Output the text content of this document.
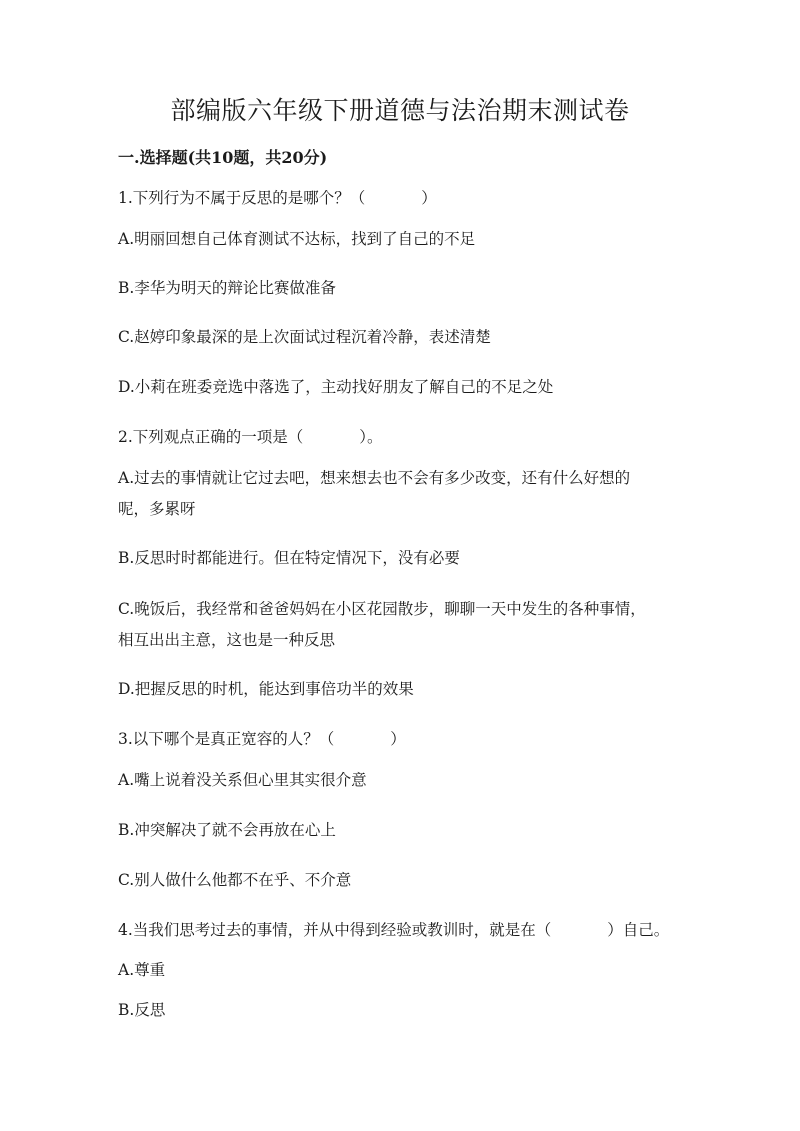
部编版六年级下册道德与法治期末测试卷
一.选择题(共10题，共20分)

1.下列行为不属于反思的是哪个？（	）

A.明丽回想自己体育测试不达标，找到了自己的不足

B.李华为明天的辩论比赛做准备

C.赵婷印象最深的是上次面试过程沉着冷静，表述清楚

D.小莉在班委竞选中落选了，主动找好朋友了解自己的不足之处

2.下列观点正确的一项是（	）。

A.过去的事情就让它过去吧，想来想去也不会有多少改变，还有什么好想的

呢，多累呀

B.反思时时都能进行。但在特定情况下，没有必要

C.晚饭后，我经常和爸爸妈妈在小区花园散步，聊聊一天中发生的各种事情，

相互出出主意，这也是一种反思

D.把握反思的时机，能达到事倍功半的效果

3.以下哪个是真正宽容的人？（	）

A.嘴上说着没关系但心里其实很介意

B.冲突解决了就不会再放在心上

C.别人做什么他都不在乎、不介意

4.当我们思考过去的事情，并从中得到经验或教训时，就是在（	）自己。

A.尊重

B.反思
